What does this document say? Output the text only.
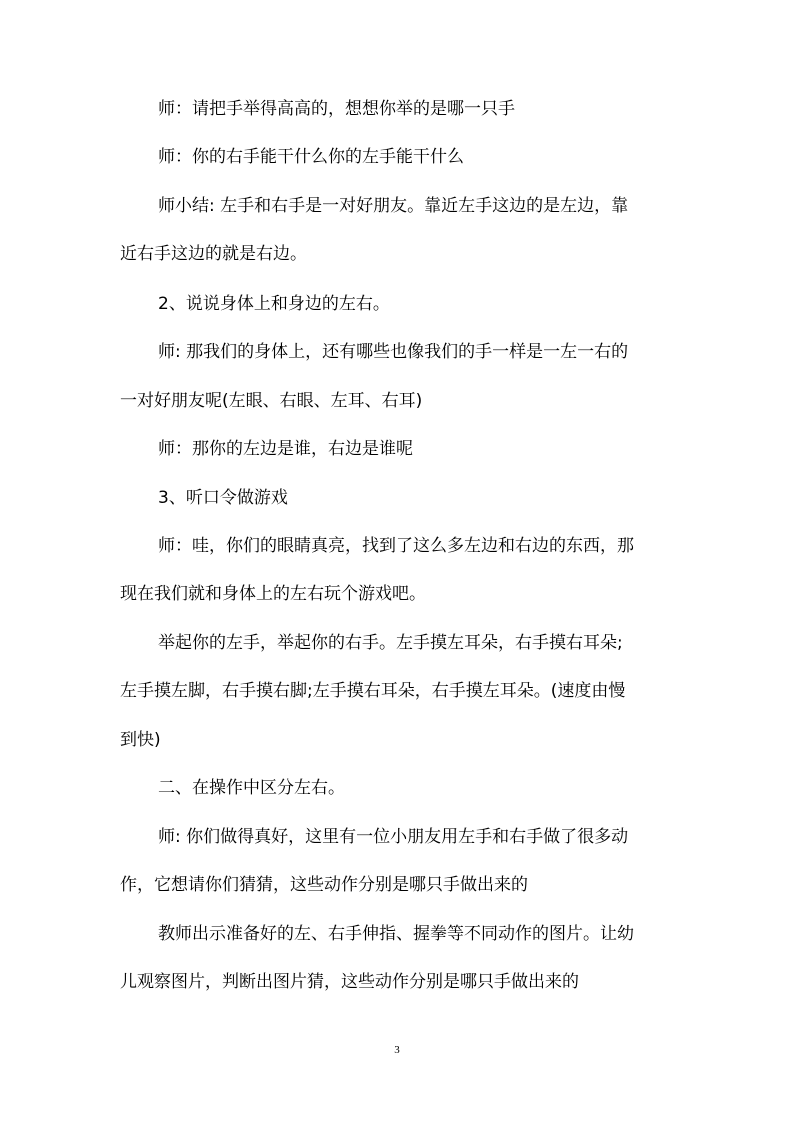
师：请把手举得高高的，想想你举的是哪一只手
师：你的右手能干什么你的左手能干什么
师小结: 左手和右手是一对好朋友。靠近左手这边的是左边，靠
近右手这边的就是右边。
2、说说身体上和身边的左右。
师: 那我们的身体上，还有哪些也像我们的手一样是一左一右的
一对好朋友呢(左眼、右眼、左耳、右耳)
师：那你的左边是谁，右边是谁呢
3、听口令做游戏
师：哇，你们的眼睛真亮，找到了这么多左边和右边的东西，那
现在我们就和身体上的左右玩个游戏吧。
举起你的左手，举起你的右手。左手摸左耳朵，右手摸右耳朵;
左手摸左脚，右手摸右脚;左手摸右耳朵，右手摸左耳朵。(速度由慢
到快)
二、在操作中区分左右。
师: 你们做得真好，这里有一位小朋友用左手和右手做了很多动
作，它想请你们猜猜，这些动作分别是哪只手做出来的
教师出示准备好的左、右手伸指、握拳等不同动作的图片。让幼
儿观察图片，判断出图片猜，这些动作分别是哪只手做出来的
3
